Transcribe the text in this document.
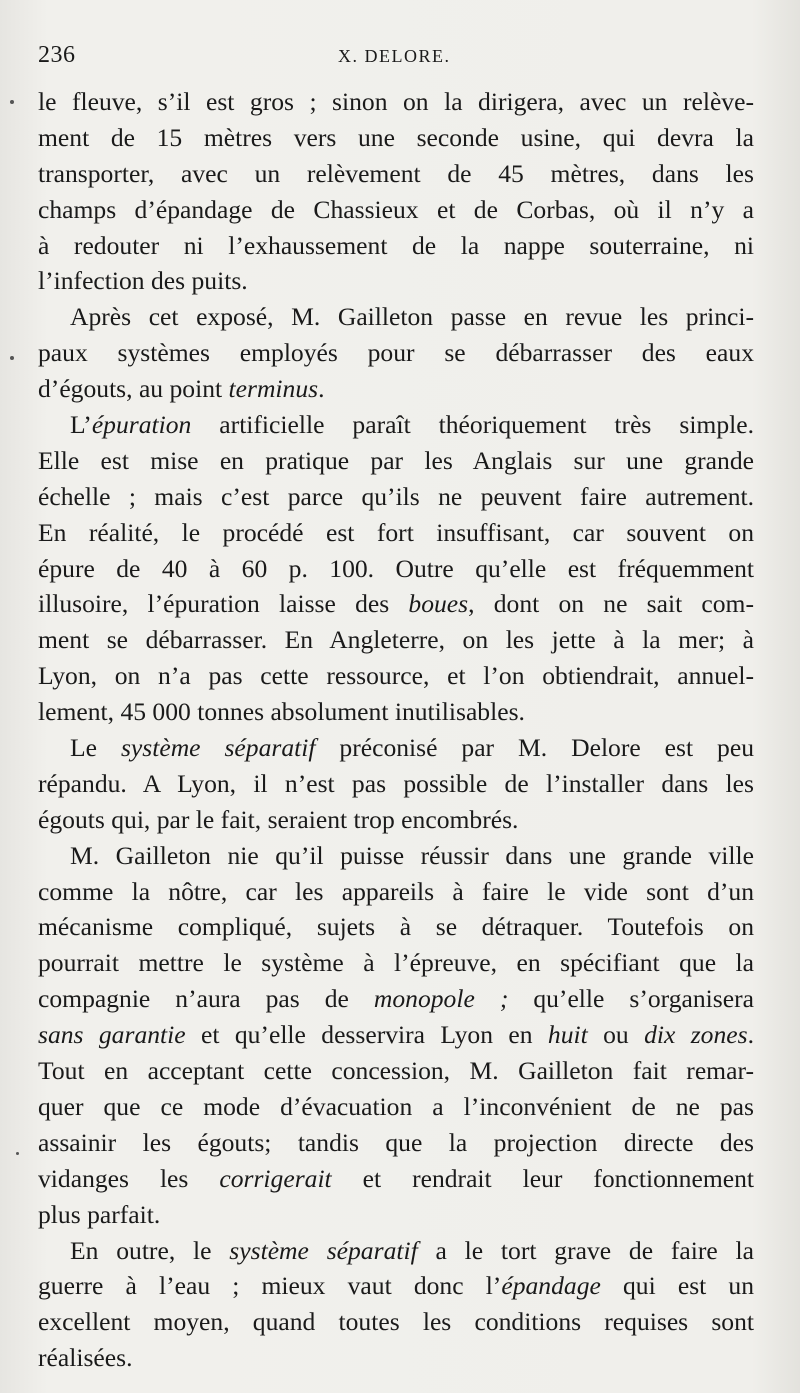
236	X. DELORE.
le fleuve, s’il est gros ; sinon on la dirigera, avec un relève-
ment de 15 mètres vers une seconde usine, qui devra la
transporter, avec un relèvement de 45 mètres, dans les
champs d’épandage de Chassieux et de Corbas, où il n’y a
à redouter ni l’exhaussement de la nappe souterraine, ni
l’infection des puits.
Après cet exposé, M. Gailleton passe en revue les princi-
paux systèmes employés pour se débarrasser des eaux
d’égouts, au point terminus.
L’épuration artificielle paraît théoriquement très simple.
Elle est mise en pratique par les Anglais sur une grande
échelle ; mais c’est parce qu’ils ne peuvent faire autrement.
En réalité, le procédé est fort insuffisant, car souvent on
épure de 40 à 60 p. 100. Outre qu’elle est fréquemment
illusoire, l’épuration laisse des boues, dont on ne sait com-
ment se débarrasser. En Angleterre, on les jette à la mer; à
Lyon, on n’a pas cette ressource, et l’on obtiendrait, annuel-
lement, 45 000 tonnes absolument inutilisables.
Le système séparatif préconisé par M. Delore est peu
répandu. A Lyon, il n’est pas possible de l’installer dans les
égouts qui, par le fait, seraient trop encombrés.
M. Gailleton nie qu’il puisse réussir dans une grande ville
comme la nôtre, car les appareils à faire le vide sont d’un
mécanisme compliqué, sujets à se détraquer. Toutefois on
pourrait mettre le système à l’épreuve, en spécifiant que la
compagnie n’aura pas de monopole ; qu’elle s’organisera
sans garantie et qu’elle desservira Lyon en huit ou dix zones.
Tout en acceptant cette concession, M. Gailleton fait remar-
quer que ce mode d’évacuation a l’inconvénient de ne pas
assainir les égouts; tandis que la projection directe des
vidanges les corrigerait et rendrait leur fonctionnement
plus parfait.
En outre, le système séparatif a le tort grave de faire la
guerre à l’eau ; mieux vaut donc l’épandage qui est un
excellent moyen, quand toutes les conditions requises sont
réalisées.
